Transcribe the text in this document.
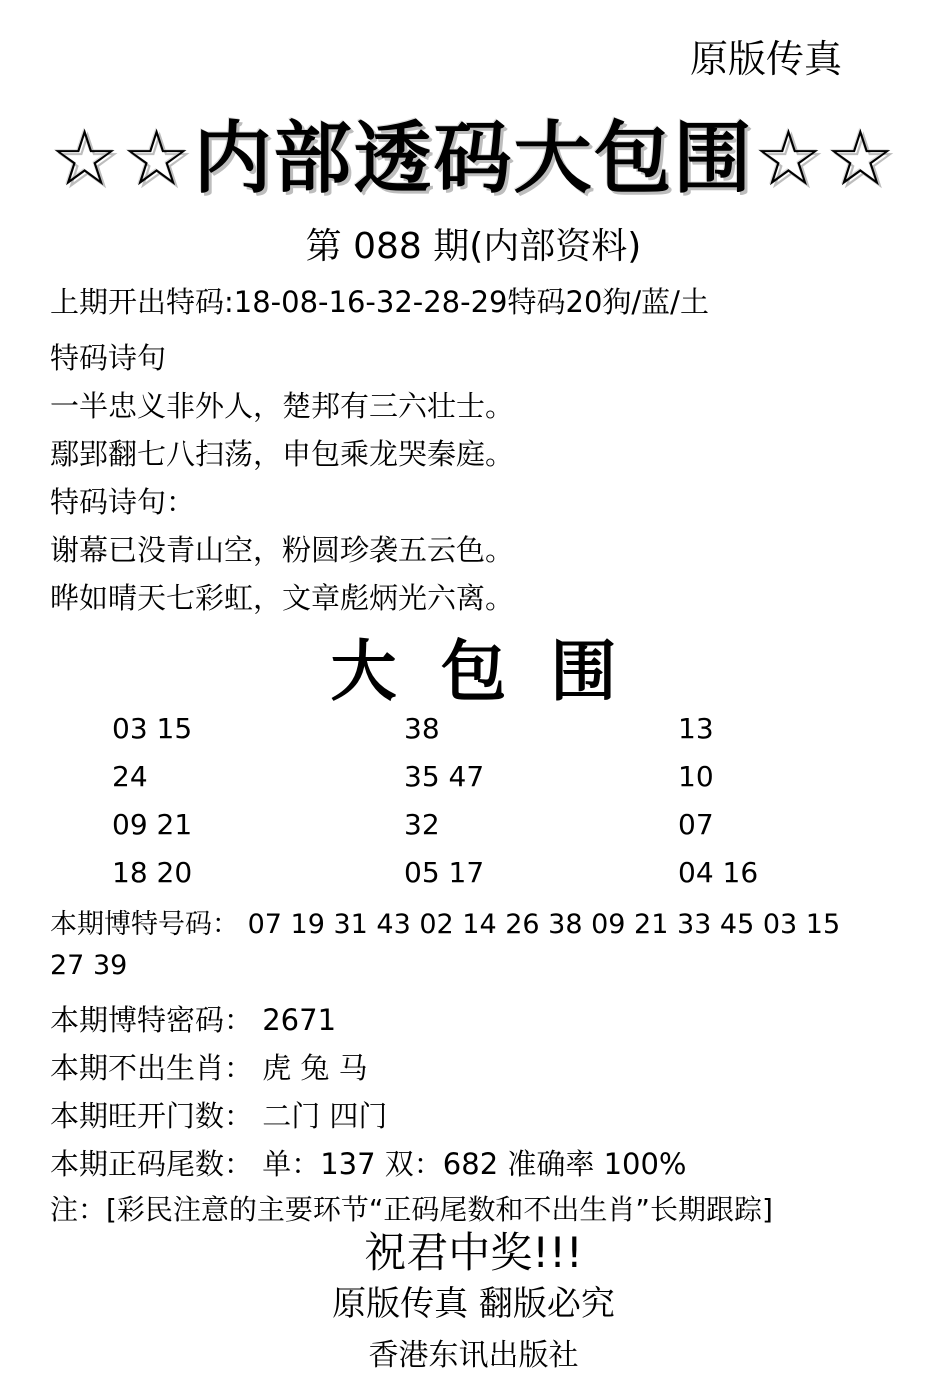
原版传真
☆☆内部透码大包围☆☆
第 088 期(内部资料)
上期开出特码:18-08-16-32-28-29特码20狗/蓝/土
特码诗句
一半忠义非外人，楚邦有三六壮士。
鄢郢翻七八扫荡，申包乘龙哭秦庭。
特码诗句：
谢幕已没青山空，粉圆珍袭五云色。
晔如晴天七彩虹，文章彪炳光六离。
大包围
03 15	38	13
24	35 47	10
09 21	32	07
18 20	05 17	04 16
本期博特号码： 07 19 31 43 02 14 26 38 09 21 33 45 03 15
27 39
本期博特密码： 2671
本期不出生肖： 虎 兔 马
本期旺开门数： 二门 四门
本期正码尾数： 单：137 双：682 准确率 100%
注：[彩民注意的主要环节“正码尾数和不出生肖”长期跟踪]
祝君中奖!!!
原版传真 翻版必究
香港东讯出版社
